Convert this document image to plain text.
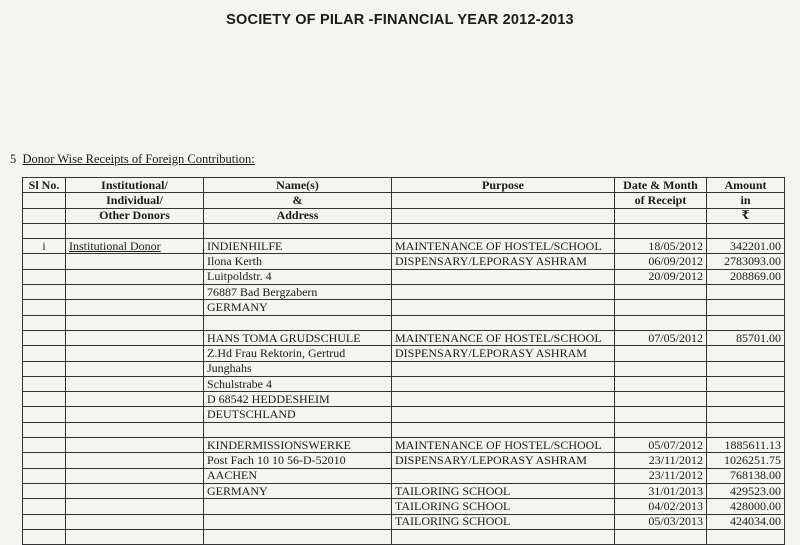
SOCIETY OF PILAR -FINANCIAL YEAR 2012-2013
5 Donor Wise Receipts of Foreign Contribution:
Sl No.	Institutional/	Name(s)	Purpose	Date & Month	Amount
	Individual/	&		of Receipt	in
	Other Donors	Address			₹

i	Institutional Donor	INDIENHILFE	MAINTENANCE OF HOSTEL/SCHOOL	18/05/2012	342201.00
		Ilona Kerth	DISPENSARY/LEPORASY ASHRAM	06/09/2012	2783093.00
		Luitpoldstr. 4		20/09/2012	208869.00
		76887 Bad Bergzabern			
		GERMANY			

		HANS TOMA GRUDSCHULE	MAINTENANCE OF HOSTEL/SCHOOL	07/05/2012	85701.00
		Z.Hd Frau Rektorin, Gertrud	DISPENSARY/LEPORASY ASHRAM		
		Junghahs			
		Schulstrabe 4			
		D 68542 HEDDESHEIM			
		DEUTSCHLAND			

		KINDERMISSIONSWERKE	MAINTENANCE OF HOSTEL/SCHOOL	05/07/2012	1885611.13
		Post Fach 10 10 56-D-52010	DISPENSARY/LEPORASY ASHRAM	23/11/2012	1026251.75
		AACHEN		23/11/2012	768138.00
		GERMANY	TAILORING SCHOOL	31/01/2013	429523.00
			TAILORING SCHOOL	04/02/2013	428000.00
			TAILORING SCHOOL	05/03/2013	424034.00
